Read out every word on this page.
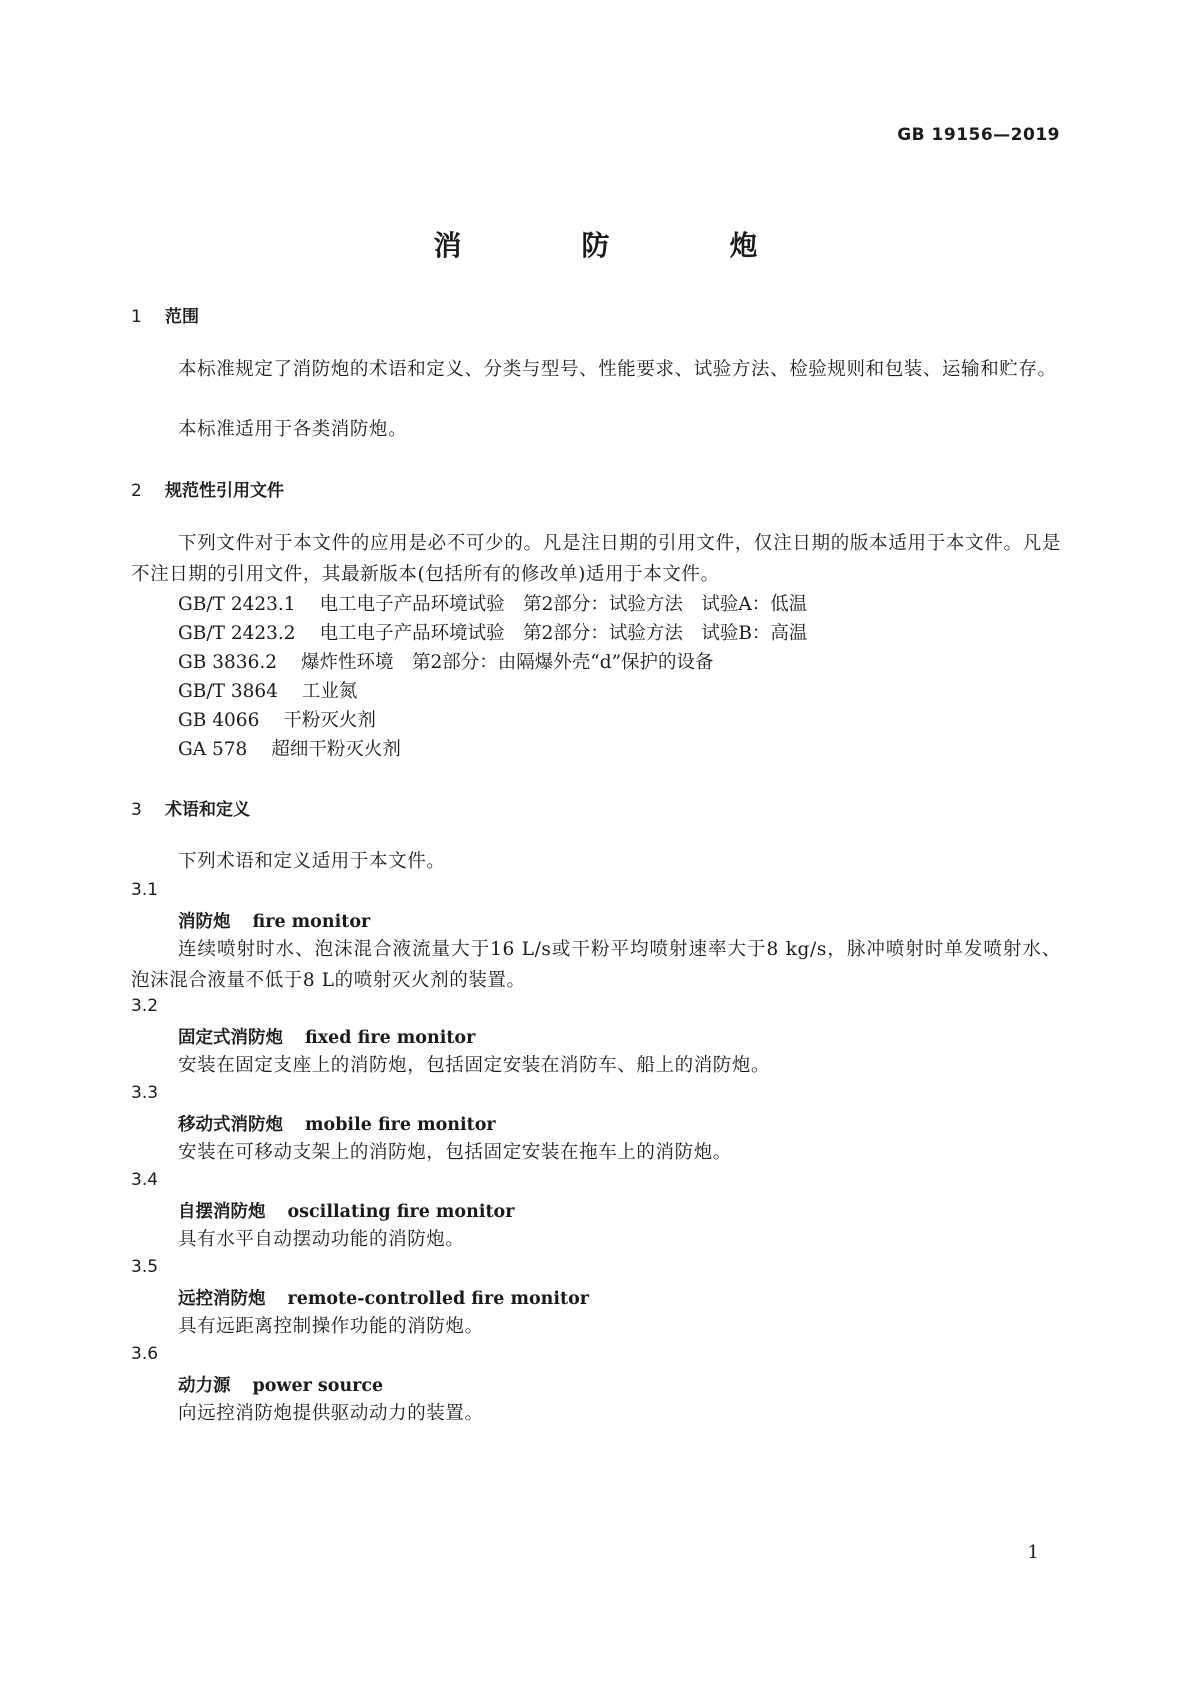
GB 19156—2019
消　防　炮
1 范围
本标准规定了消防炮的术语和定义、分类与型号、性能要求、试验方法、检验规则和包装、运输和贮存。
本标准适用于各类消防炮。
2 规范性引用文件
下列文件对于本文件的应用是必不可少的。凡是注日期的引用文件，仅注日期的版本适用于本文件。凡是不注日期的引用文件，其最新版本(包括所有的修改单)适用于本文件。
GB/T 2423.1 电工电子产品环境试验　第2部分：试验方法　试验A：低温
GB/T 2423.2 电工电子产品环境试验　第2部分：试验方法　试验B：高温
GB 3836.2 爆炸性环境　第2部分：由隔爆外壳“d”保护的设备
GB/T 3864 工业氮
GB 4066 干粉灭火剂
GA 578 超细干粉灭火剂
3 术语和定义
下列术语和定义适用于本文件。
3.1
消防炮 fire monitor
连续喷射时水、泡沫混合液流量大于16 L/s或干粉平均喷射速率大于8 kg/s，脉冲喷射时单发喷射水、泡沫混合液量不低于8 L的喷射灭火剂的装置。
3.2
固定式消防炮 fixed fire monitor
安装在固定支座上的消防炮，包括固定安装在消防车、船上的消防炮。
3.3
移动式消防炮 mobile fire monitor
安装在可移动支架上的消防炮，包括固定安装在拖车上的消防炮。
3.4
自摆消防炮 oscillating fire monitor
具有水平自动摆动功能的消防炮。
3.5
远控消防炮 remote-controlled fire monitor
具有远距离控制操作功能的消防炮。
3.6
动力源 power source
向远控消防炮提供驱动动力的装置。
1
